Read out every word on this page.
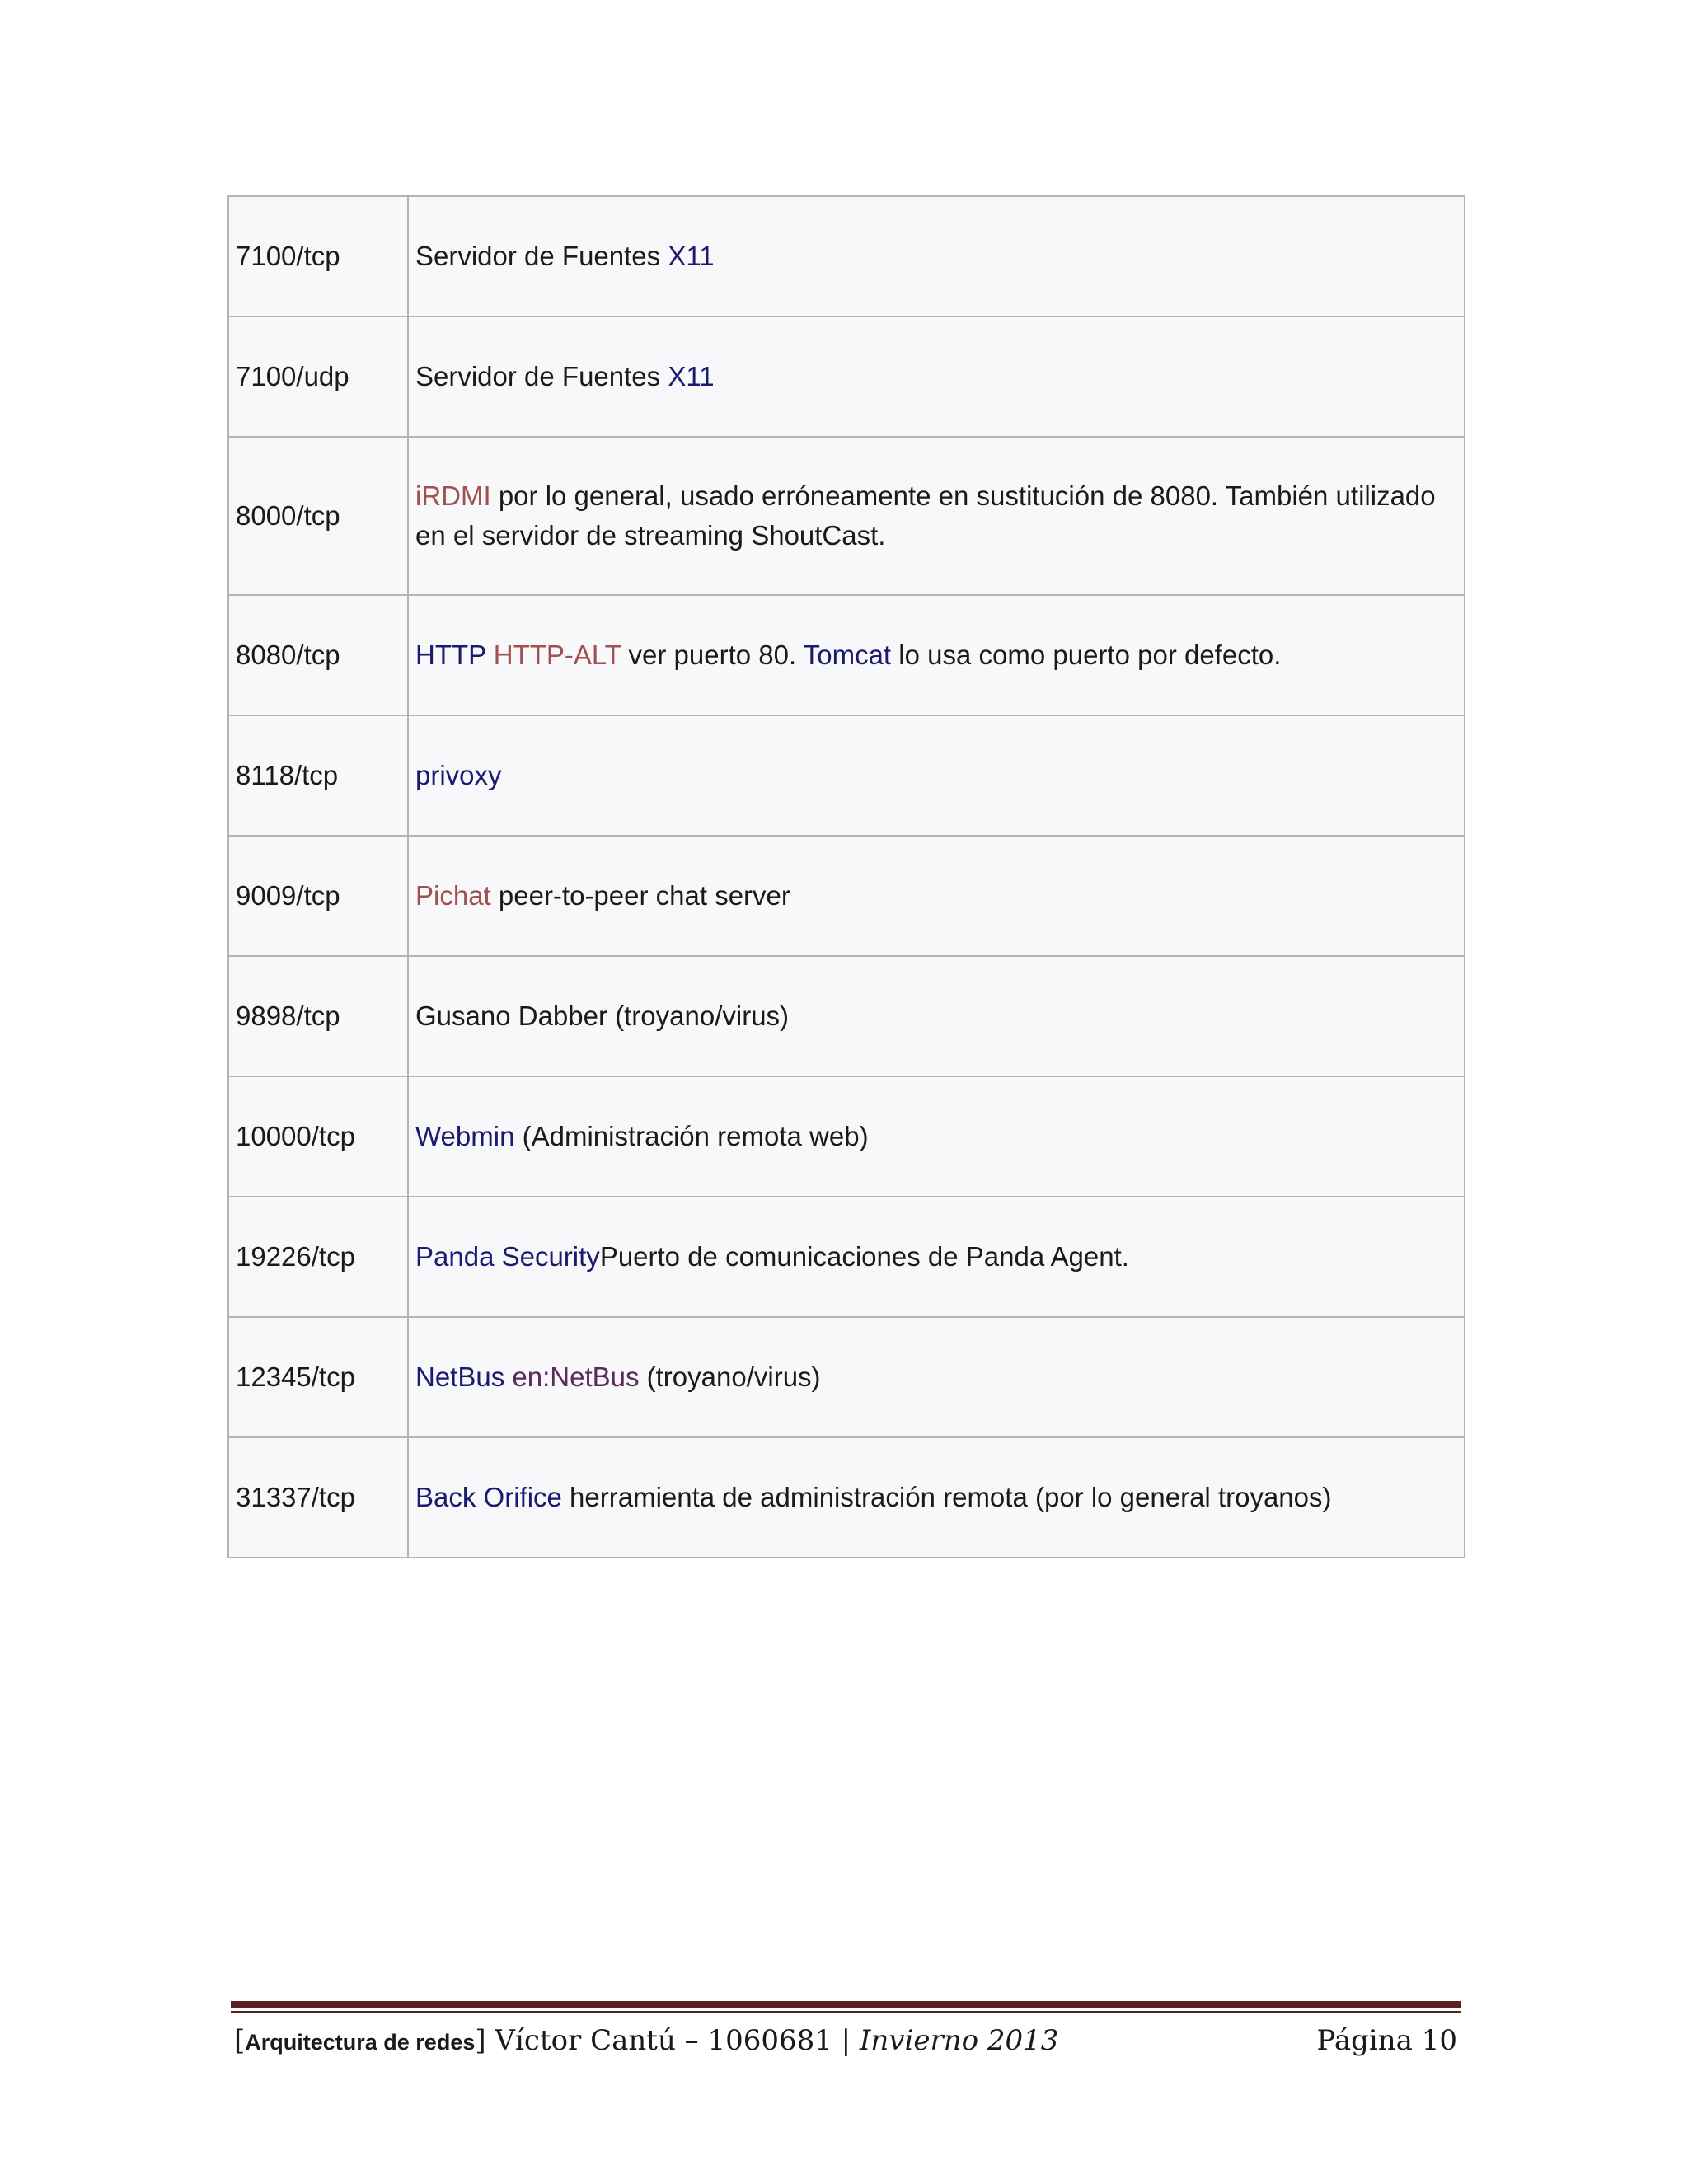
7100/tcp	Servidor de Fuentes X11
7100/udp	Servidor de Fuentes X11
8000/tcp	iRDMI por lo general, usado erróneamente en sustitución de 8080. También utilizado en el servidor de streaming ShoutCast.
8080/tcp	HTTP HTTP-ALT ver puerto 80. Tomcat lo usa como puerto por defecto.
8118/tcp	privoxy
9009/tcp	Pichat peer-to-peer chat server
9898/tcp	Gusano Dabber (troyano/virus)
10000/tcp	Webmin (Administración remota web)
19226/tcp	Panda SecurityPuerto de comunicaciones de Panda Agent.
12345/tcp	NetBus en:NetBus (troyano/virus)
31337/tcp	Back Orifice herramienta de administración remota (por lo general troyanos)
[Arquitectura de redes] Víctor Cantú – 1060681 | Invierno 2013	Página 10
